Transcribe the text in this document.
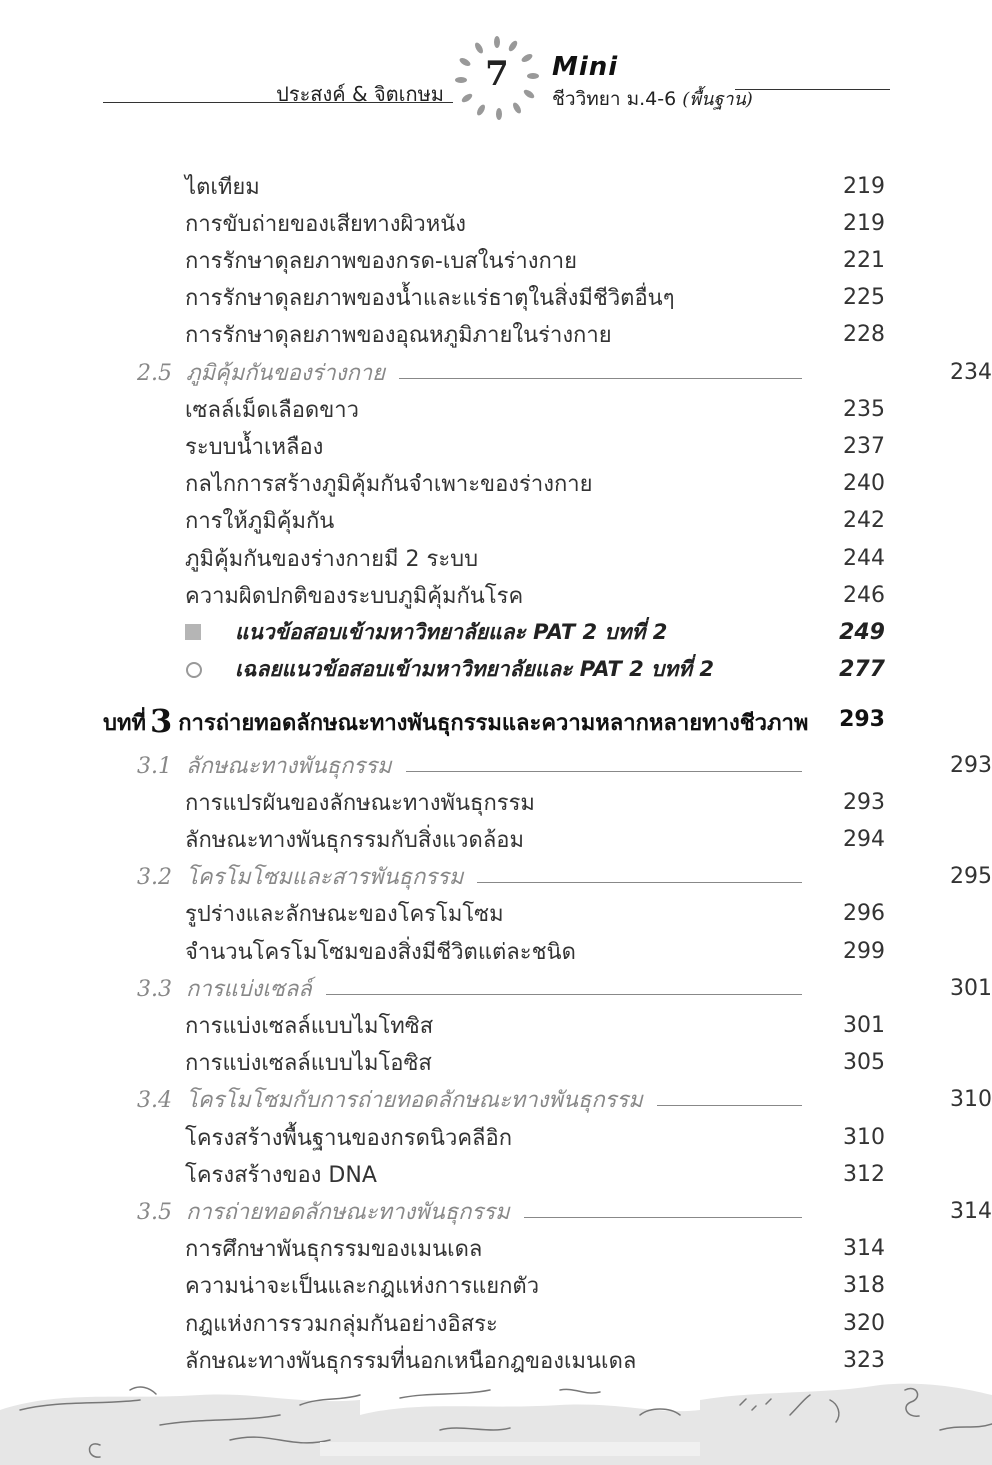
ประสงค์ & จิตเกษม	7	Mini
ชีววิทยา ม.4-6 (พื้นฐาน)
ไตเทียม	219
การขับถ่ายของเสียทางผิวหนัง	219
การรักษาดุลยภาพของกรด-เบสในร่างกาย	221
การรักษาดุลยภาพของน้ำและแร่ธาตุในสิ่งมีชีวิตอื่นๆ	225
การรักษาดุลยภาพของอุณหภูมิภายในร่างกาย	228
2.5 ภูมิคุ้มกันของร่างกาย	234
เซลล์เม็ดเลือดขาว	235
ระบบน้ำเหลือง	237
กลไกการสร้างภูมิคุ้มกันจำเพาะของร่างกาย	240
การให้ภูมิคุ้มกัน	242
ภูมิคุ้มกันของร่างกายมี 2 ระบบ	244
ความผิดปกติของระบบภูมิคุ้มกันโรค	246
แนวข้อสอบเข้ามหาวิทยาลัยและ PAT 2 บทที่ 2	249
เฉลยแนวข้อสอบเข้ามหาวิทยาลัยและ PAT 2 บทที่ 2	277
บทที่ 3 การถ่ายทอดลักษณะทางพันธุกรรมและความหลากหลายทางชีวภาพ 293
3.1 ลักษณะทางพันธุกรรม	293
การแปรผันของลักษณะทางพันธุกรรม	293
ลักษณะทางพันธุกรรมกับสิ่งแวดล้อม	294
3.2 โครโมโซมและสารพันธุกรรม	295
รูปร่างและลักษณะของโครโมโซม	296
จำนวนโครโมโซมของสิ่งมีชีวิตแต่ละชนิด	299
3.3 การแบ่งเซลล์	301
การแบ่งเซลล์แบบไมโทซิส	301
การแบ่งเซลล์แบบไมโอซิส	305
3.4 โครโมโซมกับการถ่ายทอดลักษณะทางพันธุกรรม	310
โครงสร้างพื้นฐานของกรดนิวคลีอิก	310
โครงสร้างของ DNA	312
3.5 การถ่ายทอดลักษณะทางพันธุกรรม	314
การศึกษาพันธุกรรมของเมนเดล	314
ความน่าจะเป็นและกฎแห่งการแยกตัว	318
กฎแห่งการรวมกลุ่มกันอย่างอิสระ	320
ลักษณะทางพันธุกรรมที่นอกเหนือกฎของเมนเดล	323
